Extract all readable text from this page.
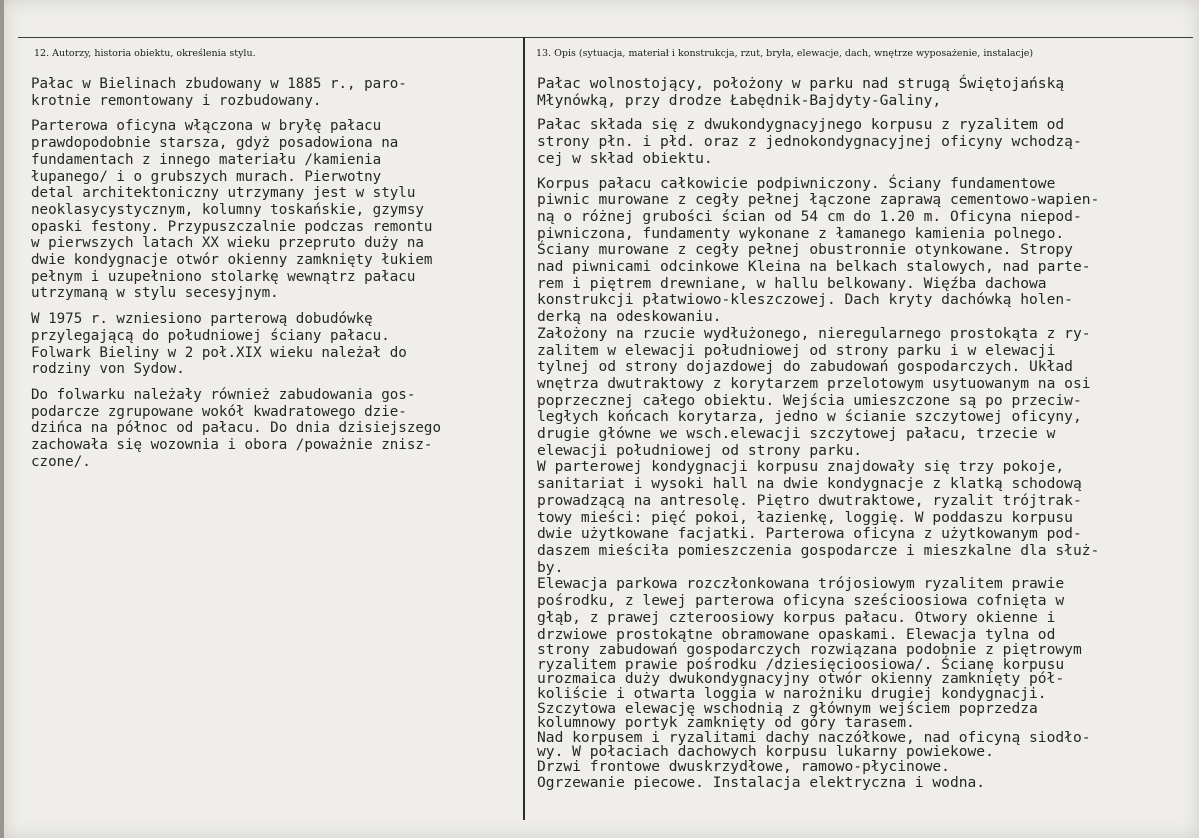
12. Autorzy, historia obiektu, określenia stylu.	13. Opis (sytuacja, materiał i konstrukcja, rzut, bryła, elewacje, dach, wnętrze wyposażenie, instalacje)
Pałac w Bielinach zbudowany w 1885 r., paro-
krotnie remontowany i rozbudowany.
Parterowa oficyna włączona w bryłę pałacu
prawdopodobnie starsza, gdyż posadowiona na
fundamentach z innego materiału /kamienia
łupanego/ i o grubszych murach. Pierwotny
detal architektoniczny utrzymany jest w stylu
neoklasycystycznym, kolumny toskańskie, gzymsy
opaski festony. Przypuszczalnie podczas remontu
w pierwszych latach XX wieku przepruto duży na
dwie kondygnacje otwór okienny zamknięty łukiem
pełnym i uzupełniono stolarkę wewnątrz pałacu
utrzymaną w stylu secesyjnym.
W 1975 r. wzniesiono parterową dobudówkę
przylegającą do południowej ściany pałacu.
Folwark Bieliny w 2 poł.XIX wieku należał do
rodziny von Sydow.
Do folwarku należały również zabudowania gos-
podarcze zgrupowane wokół kwadratowego dzie-
dzińca na północ od pałacu. Do dnia dzisiejszego
zachowała się wozownia i obora /poważnie znisz-
czone/.
Pałac wolnostojący, położony w parku nad strugą Świętojańską
Młynówką, przy drodze Łabędnik-Bajdyty-Galiny,
Pałac składa się z dwukondygnacyjnego korpusu z ryzalitem od
strony płn. i płd. oraz z jednokondygnacyjnej oficyny wchodzą-
cej w skład obiektu.
Korpus pałacu całkowicie podpiwniczony. Ściany fundamentowe
piwnic murowane z cegły pełnej łączone zaprawą cementowo-wapien-
ną o różnej grubości ścian od 54 cm do 1.20 m. Oficyna niepod-
piwniczona, fundamenty wykonane z łamanego kamienia polnego.
Ściany murowane z cegły pełnej obustronnie otynkowane. Stropy
nad piwnicami odcinkowe Kleina na belkach stalowych, nad parte-
rem i piętrem drewniane, w hallu belkowany. Więźba dachowa
konstrukcji płatwiowo-kleszczowej. Dach kryty dachówką holen-
derką na odeskowaniu.
Założony na rzucie wydłużonego, nieregularnego prostokąta z ry-
zalitem w elewacji południowej od strony parku i w elewacji
tylnej od strony dojazdowej do zabudowań gospodarczych. Układ
wnętrza dwutraktowy z korytarzem przelotowym usytuowanym na osi
poprzecznej całego obiektu. Wejścia umieszczone są po przeciw-
ległych końcach korytarza, jedno w ścianie szczytowej oficyny,
drugie główne we wsch.elewacji szczytowej pałacu, trzecie w
elewacji południowej od strony parku.
W parterowej kondygnacji korpusu znajdowały się trzy pokoje,
sanitariat i wysoki hall na dwie kondygnacje z klatką schodową
prowadzącą na antresolę. Piętro dwutraktowe, ryzalit trójtrak-
towy mieści: pięć pokoi, łazienkę, loggię. W poddaszu korpusu
dwie użytkowane facjatki. Parterowa oficyna z użytkowanym pod-
daszem mieściła pomieszczenia gospodarcze i mieszkalne dla służ-
by.
Elewacja parkowa rozczłonkowana trójosiowym ryzalitem prawie
pośrodku, z lewej parterowa oficyna sześcioosiowa cofnięta w
głąb, z prawej czteroosiowy korpus pałacu. Otwory okienne i
drzwiowe prostokątne obramowane opaskami. Elewacja tylna od
strony zabudowań gospodarczych rozwiązana podobnie z piętrowym
ryzalitem prawie pośrodku /dziesięcioosiowa/. Ścianę korpusu
urozmaica duży dwukondygnacyjny otwór okienny zamknięty pół-
koliście i otwarta loggia w narożniku drugiej kondygnacji.
Szczytowa elewację wschodnią z głównym wejściem poprzedza
kolumnowy portyk zamknięty od góry tarasem.
Nad korpusem i ryzalitami dachy naczółkowe, nad oficyną siodło-
wy. W połaciach dachowych korpusu lukarny powiekowe.
Drzwi frontowe dwuskrzydłowe, ramowo-płycinowe.
Ogrzewanie piecowe. Instalacja elektryczna i wodna.
